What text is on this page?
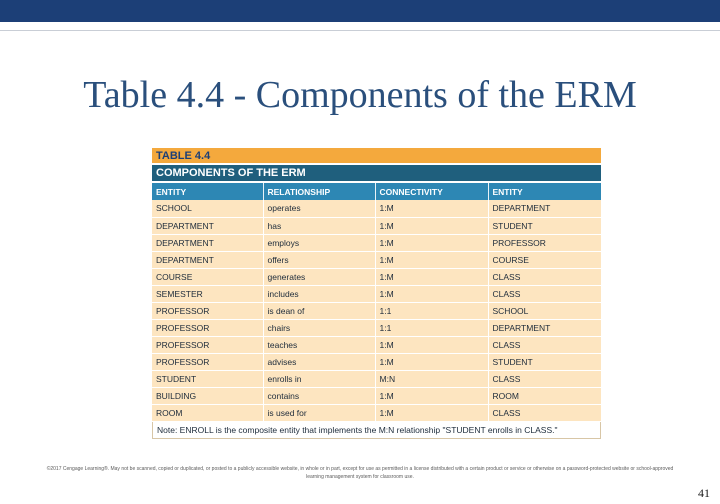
Table 4.4 - Components of the ERM
TABLE 4.4
COMPONENTS OF THE ERM
ENTITY	RELATIONSHIP	CONNECTIVITY	ENTITY
SCHOOL	operates	1:M	DEPARTMENT
DEPARTMENT	has	1:M	STUDENT
DEPARTMENT	employs	1:M	PROFESSOR
DEPARTMENT	offers	1:M	COURSE
COURSE	generates	1:M	CLASS
SEMESTER	includes	1:M	CLASS
PROFESSOR	is dean of	1:1	SCHOOL
PROFESSOR	chairs	1:1	DEPARTMENT
PROFESSOR	teaches	1:M	CLASS
PROFESSOR	advises	1:M	STUDENT
STUDENT	enrolls in	M:N	CLASS
BUILDING	contains	1:M	ROOM
ROOM	is used for	1:M	CLASS
Note: ENROLL is the composite entity that implements the M:N relationship "STUDENT enrolls in CLASS."
©2017 Cengage Learning®. May not be scanned, copied or duplicated, or posted to a publicly accessible website, in whole or in part, except for use as permitted in a license distributed with a certain product or service or otherwise on a password-protected website or school-approved learning management system for classroom use.
41
